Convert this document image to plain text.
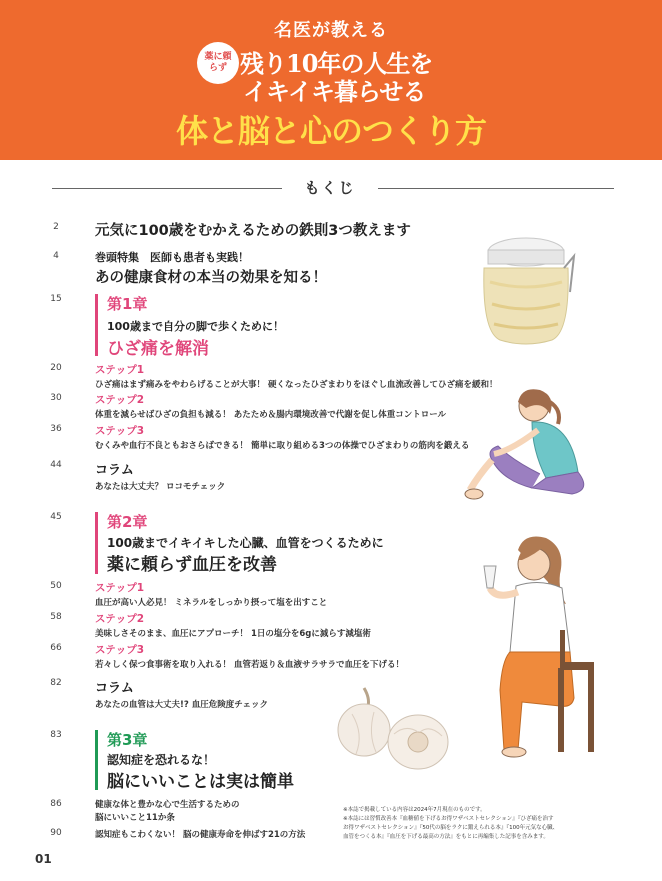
名医が教える
薬に頼らず 残り10年の人生を
イキイキ暮らせる
体と脳と心のつくり方
もくじ
2	元気に100歳をむかえるための鉄則3つ教えます
4	巻頭特集　医師も患者も実践！
あの健康食材の本当の効果を知る！
15	第1章
100歳まで自分の脚で歩くために！
ひざ痛を解消
20	ステップ1
ひざ痛はまず痛みをやわらげることが大事！ 硬くなったひざまわりをほぐし血流改善してひざ痛を緩和！
30	ステップ2
体重を減らせばひざの負担も減る！ あたため＆腸内環境改善で代謝を促し体重コントロール
36	ステップ3
むくみや血行不良ともおさらばできる！ 簡単に取り組める3つの体操でひざまわりの筋肉を鍛える
44	コラム
あなたは大丈夫？ ロコモチェック
45	第2章
100歳までイキイキした心臓、血管をつくるために
薬に頼らず血圧を改善
50	ステップ1
血圧が高い人必見！ ミネラルをしっかり摂って塩を出すこと
58	ステップ2
美味しさそのまま、血圧にアプローチ！ 1日の塩分を6gに減らす減塩術
66	ステップ3
若々しく保つ食事術を取り入れる！ 血管若返り＆血液サラサラで血圧を下げる！
82	コラム
あなたの血管は大丈夫!? 血圧危険度チェック
83	第3章
認知症を恐れるな！
脳にいいことは実は簡単
86	健康な体と豊かな心で生活するための
脳にいいこと11か条
90	認知症もこわくない！ 脳の健康寿命を伸ばす21の方法
※本誌で掲載している内容は2024年7月現在のものです。
※本誌には習慣改善本『血糖値を下げるお得ワザベストセレクション』『ひざ痛を治す
お得ワザベストセレクション』『50代の脳をラクに鍛えられる本』『100年元気な心臓、
血管をつくる本』『血圧を下げる最高の方法』をもとに再編集した記事を含みます。
01
